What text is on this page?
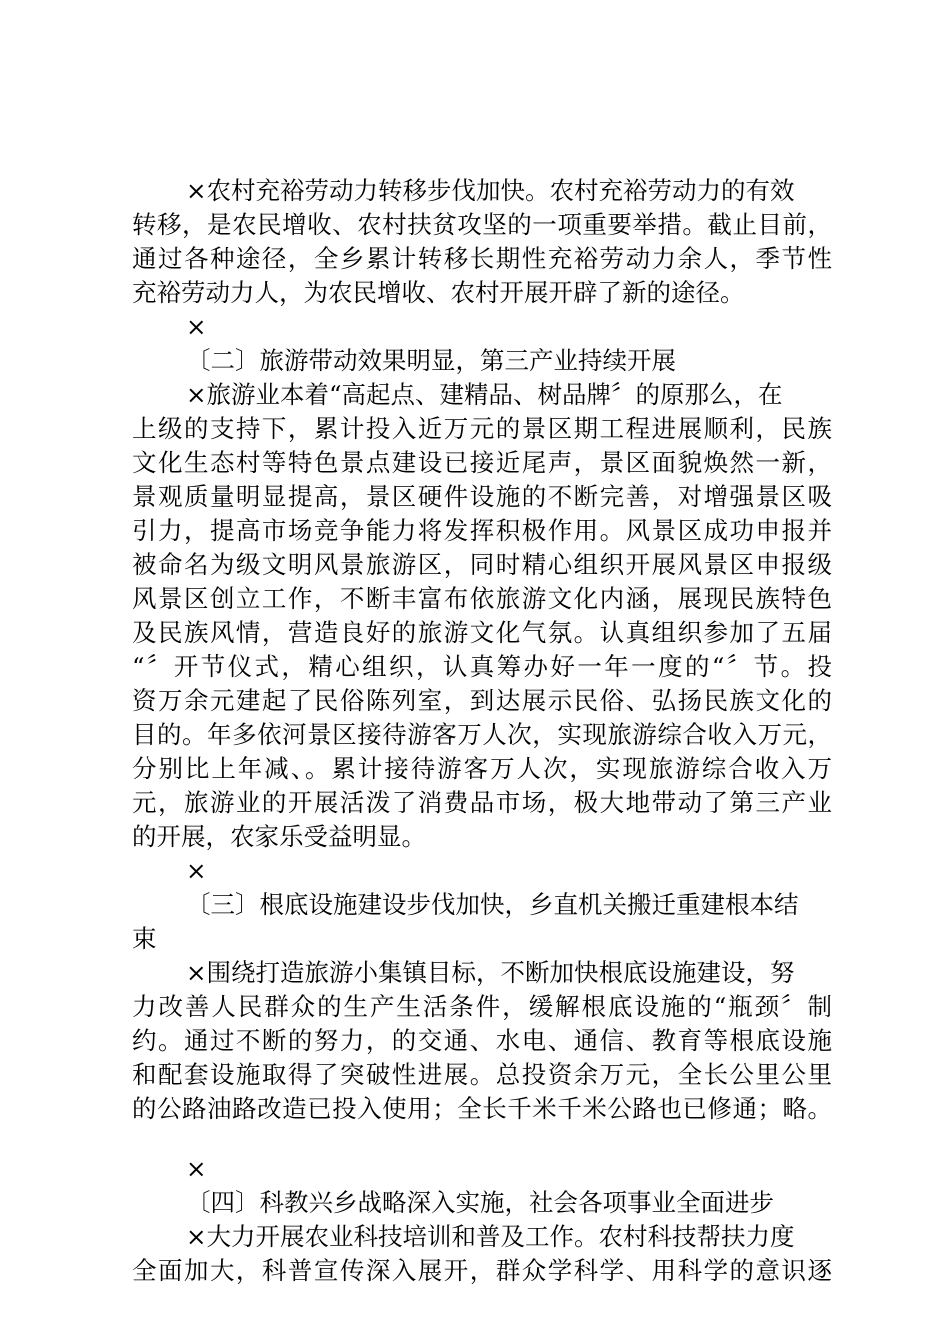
×农村充裕劳动力转移步伐加快。农村充裕劳动力的有效

转移，是农民增收、农村扶贫攻坚的一项重要举措。截止目前，

通过各种途径，全乡累计转移长期性充裕劳动力余人，季节性

充裕劳动力人，为农民增收、农村开展开辟了新的途径。

×

〔二〕旅游带动效果明显，第三产业持续开展

×旅游业本着“高起点、建精品、树品牌〞的原那么，在

上级的支持下，累计投入近万元的景区期工程进展顺利，民族

文化生态村等特色景点建设已接近尾声，景区面貌焕然一新，

景观质量明显提高，景区硬件设施的不断完善，对增强景区吸

引力，提高市场竞争能力将发挥积极作用。风景区成功申报并

被命名为级文明风景旅游区，同时精心组织开展风景区申报级

风景区创立工作，不断丰富布依旅游文化内涵，展现民族特色

及民族风情，营造良好的旅游文化气氛。认真组织参加了五届

“〞开节仪式，精心组织，认真筹办好一年一度的“〞节。投

资万余元建起了民俗陈列室，到达展示民俗、弘扬民族文化的

目的。年多依河景区接待游客万人次，实现旅游综合收入万元，

分别比上年减、。累计接待游客万人次，实现旅游综合收入万

元，旅游业的开展活泼了消费品市场，极大地带动了第三产业

的开展，农家乐受益明显。

×

〔三〕根底设施建设步伐加快，乡直机关搬迁重建根本结

束

×围绕打造旅游小集镇目标，不断加快根底设施建设，努

力改善人民群众的生产生活条件，缓解根底设施的“瓶颈〞制

约。通过不断的努力，的交通、水电、通信、教育等根底设施

和配套设施取得了突破性进展。总投资余万元，全长公里公里

的公路油路改造已投入使用；全长千米千米公路也已修通；略。

×

〔四〕科教兴乡战略深入实施，社会各项事业全面进步

×大力开展农业科技培训和普及工作。农村科技帮扶力度

全面加大，科普宣传深入展开，群众学科学、用科学的意识逐
